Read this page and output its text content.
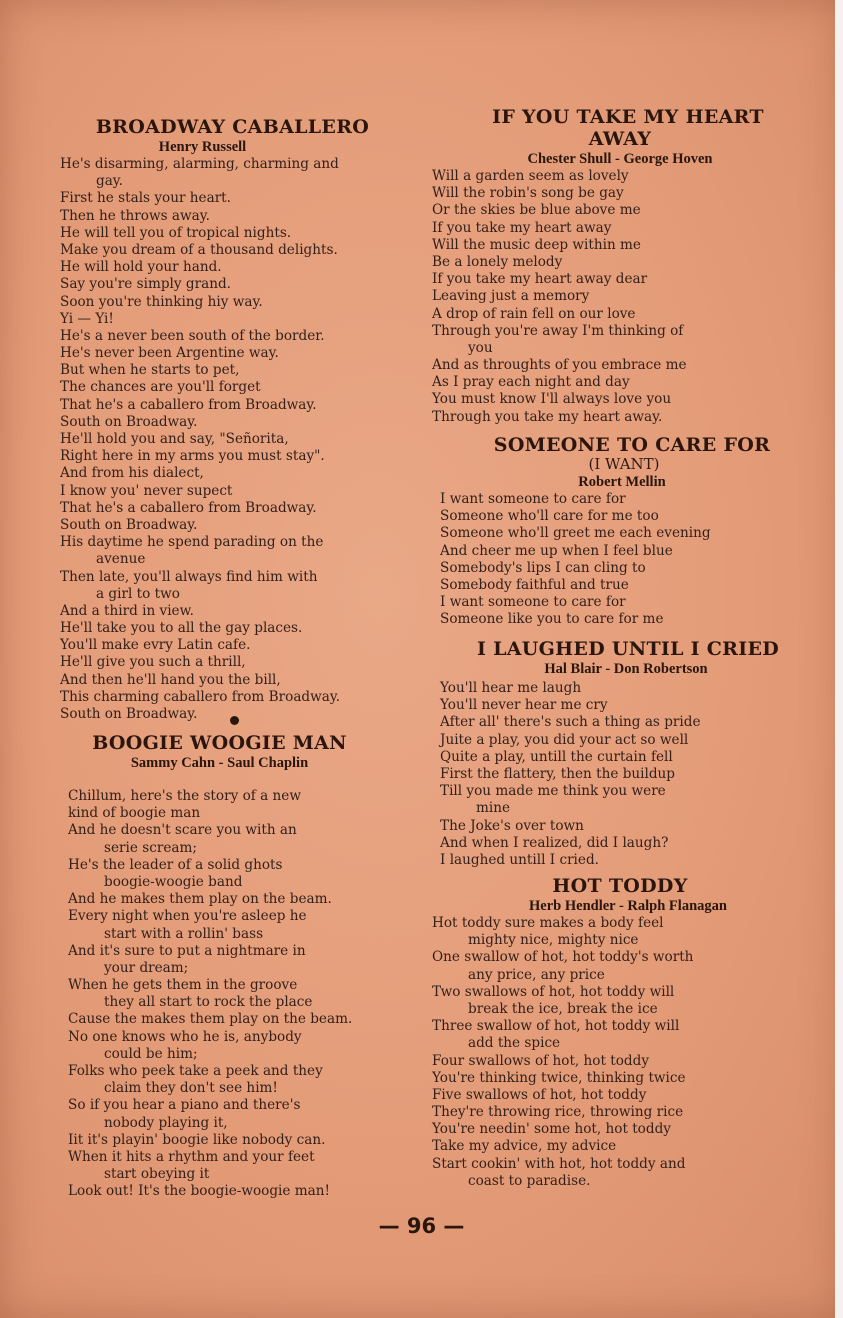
BROADWAY CABALLERO
Henry Russell
He's disarming, alarming, charming and
gay.
First he stals your heart.
Then he throws away.
He will tell you of tropical nights.
Make you dream of a thousand delights.
He will hold your hand.
Say you're simply grand.
Soon you're thinking hiy way.
Yi — Yi!
He's a never been south of the border.
He's never been Argentine way.
But when he starts to pet,
The chances are you'll forget
That he's a caballero from Broadway.
South on Broadway.
He'll hold you and say, "Señorita,
Right here in my arms you must stay".
And from his dialect,
I know you' never supect
That he's a caballero from Broadway.
South on Broadway.
His daytime he spend parading on the
avenue
Then late, you'll always find him with
a girl to two
And a third in view.
He'll take you to all the gay places.
You'll make evry Latin cafe.
He'll give you such a thrill,
And then he'll hand you the bill,
This charming caballero from Broadway.
South on Broadway.
BOOGIE WOOGIE MAN
Sammy Cahn - Saul Chaplin
Chillum, here's the story of a new
kind of boogie man
And he doesn't scare you with an
serie scream;
He's the leader of a solid ghots
boogie-woogie band
And he makes them play on the beam.
Every night when you're asleep he
start with a rollin' bass
And it's sure to put a nightmare in
your dream;
When he gets them in the groove
they all start to rock the place
Cause the makes them play on the beam.
No one knows who he is, anybody
could be him;
Folks who peek take a peek and they
claim they don't see him!
So if you hear a piano and there's
nobody playing it,
Iit it's playin' boogie like nobody can.
When it hits a rhythm and your feet
start obeying it
Look out! It's the boogie-woogie man!
IF YOU TAKE MY HEART
AWAY
Chester Shull - George Hoven
Will a garden seem as lovely
Will the robin's song be gay
Or the skies be blue above me
If you take my heart away
Will the music deep within me
Be a lonely melody
If you take my heart away dear
Leaving just a memory
A drop of rain fell on our love
Through you're away I'm thinking of
you
And as throughts of you embrace me
As I pray each night and day
You must know I'll always love you
Through you take my heart away.
SOMEONE TO CARE FOR
(I WANT)
Robert Mellin
I want someone to care for
Someone who'll care for me too
Someone who'll greet me each evening
And cheer me up when I feel blue
Somebody's lips I can cling to
Somebody faithful and true
I want someone to care for
Someone like you to care for me
I LAUGHED UNTIL I CRIED
Hal Blair - Don Robertson
You'll hear me laugh
You'll never hear me cry
After all' there's such a thing as pride
Juite a play, you did your act so well
Quite a play, untill the curtain fell
First the flattery, then the buildup
Till you made me think you were
mine
The Joke's over town
And when I realized, did I laugh?
I laughed untill I cried.
HOT TODDY
Herb Hendler - Ralph Flanagan
Hot toddy sure makes a body feel
mighty nice, mighty nice
One swallow of hot, hot toddy's worth
any price, any price
Two swallows of hot, hot toddy will
break the ice, break the ice
Three swallow of hot, hot toddy will
add the spice
Four swallows of hot, hot toddy
You're thinking twice, thinking twice
Five swallows of hot, hot toddy
They're throwing rice, throwing rice
You're needin' some hot, hot toddy
Take my advice, my advice
Start cookin' with hot, hot toddy and
coast to paradise.
— 96 —
